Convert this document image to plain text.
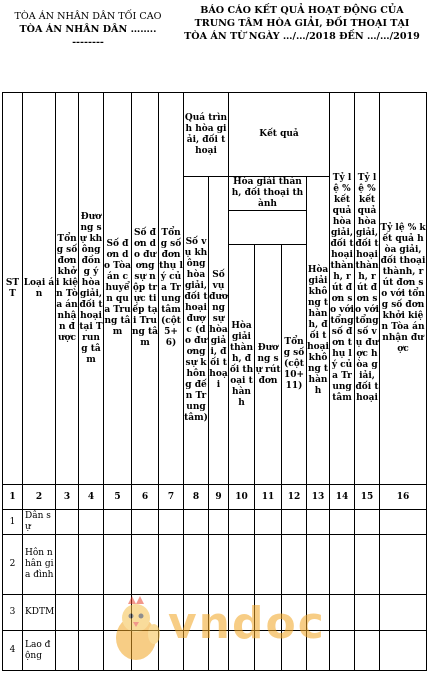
TÒA ÁN NHÂN DÂN TỐI CAO
TÒA ÁN NHÂN DÂN ……..
--------
BÁO CÁO KẾT QUẢ HOẠT ĐỘNG CỦA
TRUNG TÂM HÒA GIẢI, ĐỐI THOẠI TẠI
TÒA ÁN TỪ NGÀY …/…/2018 ĐẾN …/…/2019
STT	Loại án	Tổng số đơn khởi kiện Tòa án nhận được	Đương sự không đồng ý hòa giải, đối thoại tại Trung tâm	Số đơn do Tòa án chuyển qua Trung tâm	Số đơn do đương sự nộp trực tiếp tại Trung tâm	Tổng số đơn thụ lý của Trung tâm (cột 5+6)	Quá trình hòa giải, đối thoại		Kết quả				Tỷ lệ % kết quả hòa giải, đối thoại thành, rút đơn so với tổng số đơn thụ lý của Trung tâm	Tỷ lệ % kết quả hòa giải, đối thoại thành, rút đơn so với tổng số vụ được hòa giải, đối thoại	Tỷ lệ % kết quả hòa giải, đối thoại thành, rút đơn so với tổng số đơn khởi kiện Tòa án nhận được
							Số vụ không hòa giải, đối thoại được (do đương sự không đến Trung tâm)	Số vụ đương sự hòa giải, đối thoại	Hòa giải thành, đối thoại thành			Hòa giải không thành, đối thoại không thành			

									Hòa giải thành, đối thoại thành	Đương sự rút đơn	Tổng số (cột 10+11)				
1	2	3	4	5	6	7	8	9	10	11	12	13	14	15	16
1	Dân sự														
2	Hôn nhân gia đình														
3	KDTM														
4	Lao động														
vndoc
